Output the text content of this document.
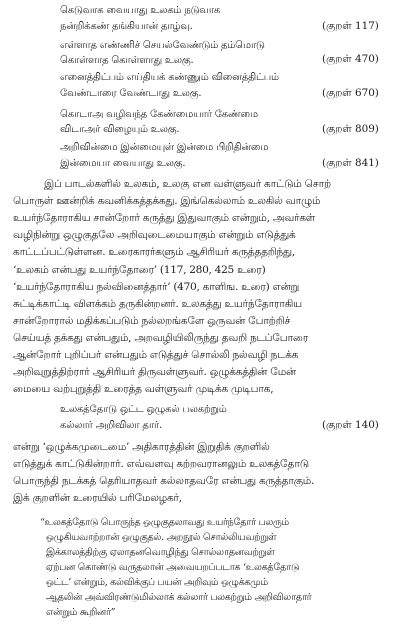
கெடுவாக வையாது உலகம் நடுவாக
நன்றிக்கண் தங்கியான் தாழ்வு.	(குறள் 117)
எள்ளாத எண்ணிச் செயல்வேண்டும் தம்மொடு
கொள்ளாத கொள்ளாது உலகு.	(குறள் 470)
எனைத்திட்பம் எய்தியக் கண்ணும் வினைத்திட்பம்
வேண்டாரை வேண்டாது உலகு.	(குறள் 670)
கொடாஅ வழிவந்த கேண்மையார் கேண்மை
விடாஅர் விழையும் உலகு.	(குறள் 809)
அறிவின்மை இன்மையுள் இன்மை பிறிதின்மை
இன்மையா வையாது உலகு.	(குறள் 841)
இப் பாடல்களில் உலகம், உலகு என வள்ளுவர் காட்டும் சொற்
பொருள் ஊன்றிக் கவனிக்கத்தக்கது. இங்கெல்லாம் உலகில் வாழும்
உயர்ந்தோராகிய சான்றோர் கருத்து இதுவாகும் என்றும், அவர்கள்
வழிநின்று ஒழுகுதலே அறிவுடைமையாகும் என்றும் எடுத்துக்
காட்டப்பட்டுள்ளன. உரைகாரர்களும் ஆசிரியர் கருத்ததறிந்து,
‘உலகம் என்பது உயர்ந்தோரை’ (117, 280, 425 உரை)
‘உயர்ந்தோராகிய நல்வினைத்தார்’ (470, காளிங. உரை) என்று
சுட்டிக்காட்டி விளக்கம் தருகின்றனர். உலகத்து உயர்ந்தோராகிய
சான்றோரால் மதிக்கப்படும் நல்லறங்களே ஒருவன் போற்றிச்
செய்யத் தக்கது என்பதும், அறவழியிலிருந்து தவறி நடப்போரை
ஆன்றோர் புறிப்பர் என்பதும் எடுத்துச் சொல்லி நல்வழி நடக்க
அறிவுறுத்திற்ரார் ஆசிரியர் திருவள்ளுவர். ஒழுக்கத்தின் மேன்
மையை வற்புறுத்தி உரைத்த வள்ளுவர் முடிக்க முடிபாக,
உலகத்தோடு ஒட்ட ஒழுகல் பலகற்றும்
கல்லார் அறிவிலா தார்.	(குறள் 140)
என்று ‘ஒழுக்கமுடைமை’ அதிகாரத்தின் இறுதிக் குறளில்
எடுத்துக் காட்டுகின்றார். எவ்வளவு கற்றவரானலும் உலகத்தோடு
பொருந்தி நடக்கத் தெரியாதவர் கல்லாதவரே என்பது கருத்தாகும்.
இக் குறளின் உரையில் பரிமேலழகர்,
“உலகத்தோடு பொருந்த ஒழுகுதலாவது உயர்ந்தோர் பலரும்
ஒழுகியவாற்றான் ஒழுகுதல். அறநூல் சொல்லியவற்றுள்
இக்காலத்திற்கு ஏலாதனவொழிந்து சொல்லாதனவற்றுள்
ஏற்பன கொண்டு வருதலான் அவையறப்படாக ‘உலகத்தோடு
ஒட்ட’ என்றும், கல்விக்குப் பயன் அறிவும் ஒழுக்கமும்
ஆதலின் அவ்விரண்டுமில்லாக் கல்லார் பலகற்றும் அறிவிலாதார்
என்றும் கூறினர்”
